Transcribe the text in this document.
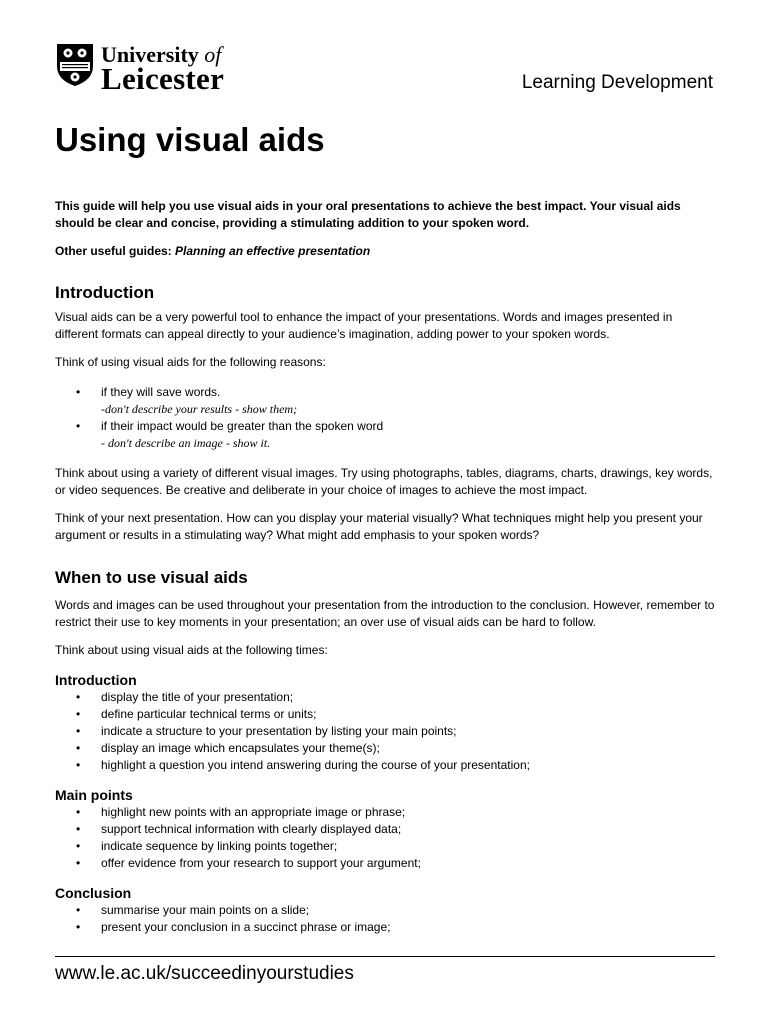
University of
Leicester	Learning Development
Using visual aids

This guide will help you use visual aids in your oral presentations to achieve the best impact. Your visual aids should be clear and concise, providing a stimulating addition to your spoken word.

Other useful guides: Planning an effective presentation

Introduction

Visual aids can be a very powerful tool to enhance the impact of your presentations. Words and images presented in different formats can appeal directly to your audience’s imagination, adding power to your spoken words.

Think of using visual aids for the following reasons:

• if they will save words.
-don't describe your results - show them;
• if their impact would be greater than the spoken word
- don't describe an image - show it.

Think about using a variety of different visual images. Try using photographs, tables, diagrams, charts, drawings, key words, or video sequences. Be creative and deliberate in your choice of images to achieve the most impact.

Think of your next presentation. How can you display your material visually? What techniques might help you present your argument or results in a stimulating way? What might add emphasis to your spoken words?

When to use visual aids

Words and images can be used throughout your presentation from the introduction to the conclusion. However, remember to restrict their use to key moments in your presentation; an over use of visual aids can be hard to follow.

Think about using visual aids at the following times:

Introduction
• display the title of your presentation;
• define particular technical terms or units;
• indicate a structure to your presentation by listing your main points;
• display an image which encapsulates your theme(s);
• highlight a question you intend answering during the course of your presentation;
Main points
• highlight new points with an appropriate image or phrase;
• support technical information with clearly displayed data;
• indicate sequence by linking points together;
• offer evidence from your research to support your argument;
Conclusion
• summarise your main points on a slide;
• present your conclusion in a succinct phrase or image;
www.le.ac.uk/succeedinyourstudies
